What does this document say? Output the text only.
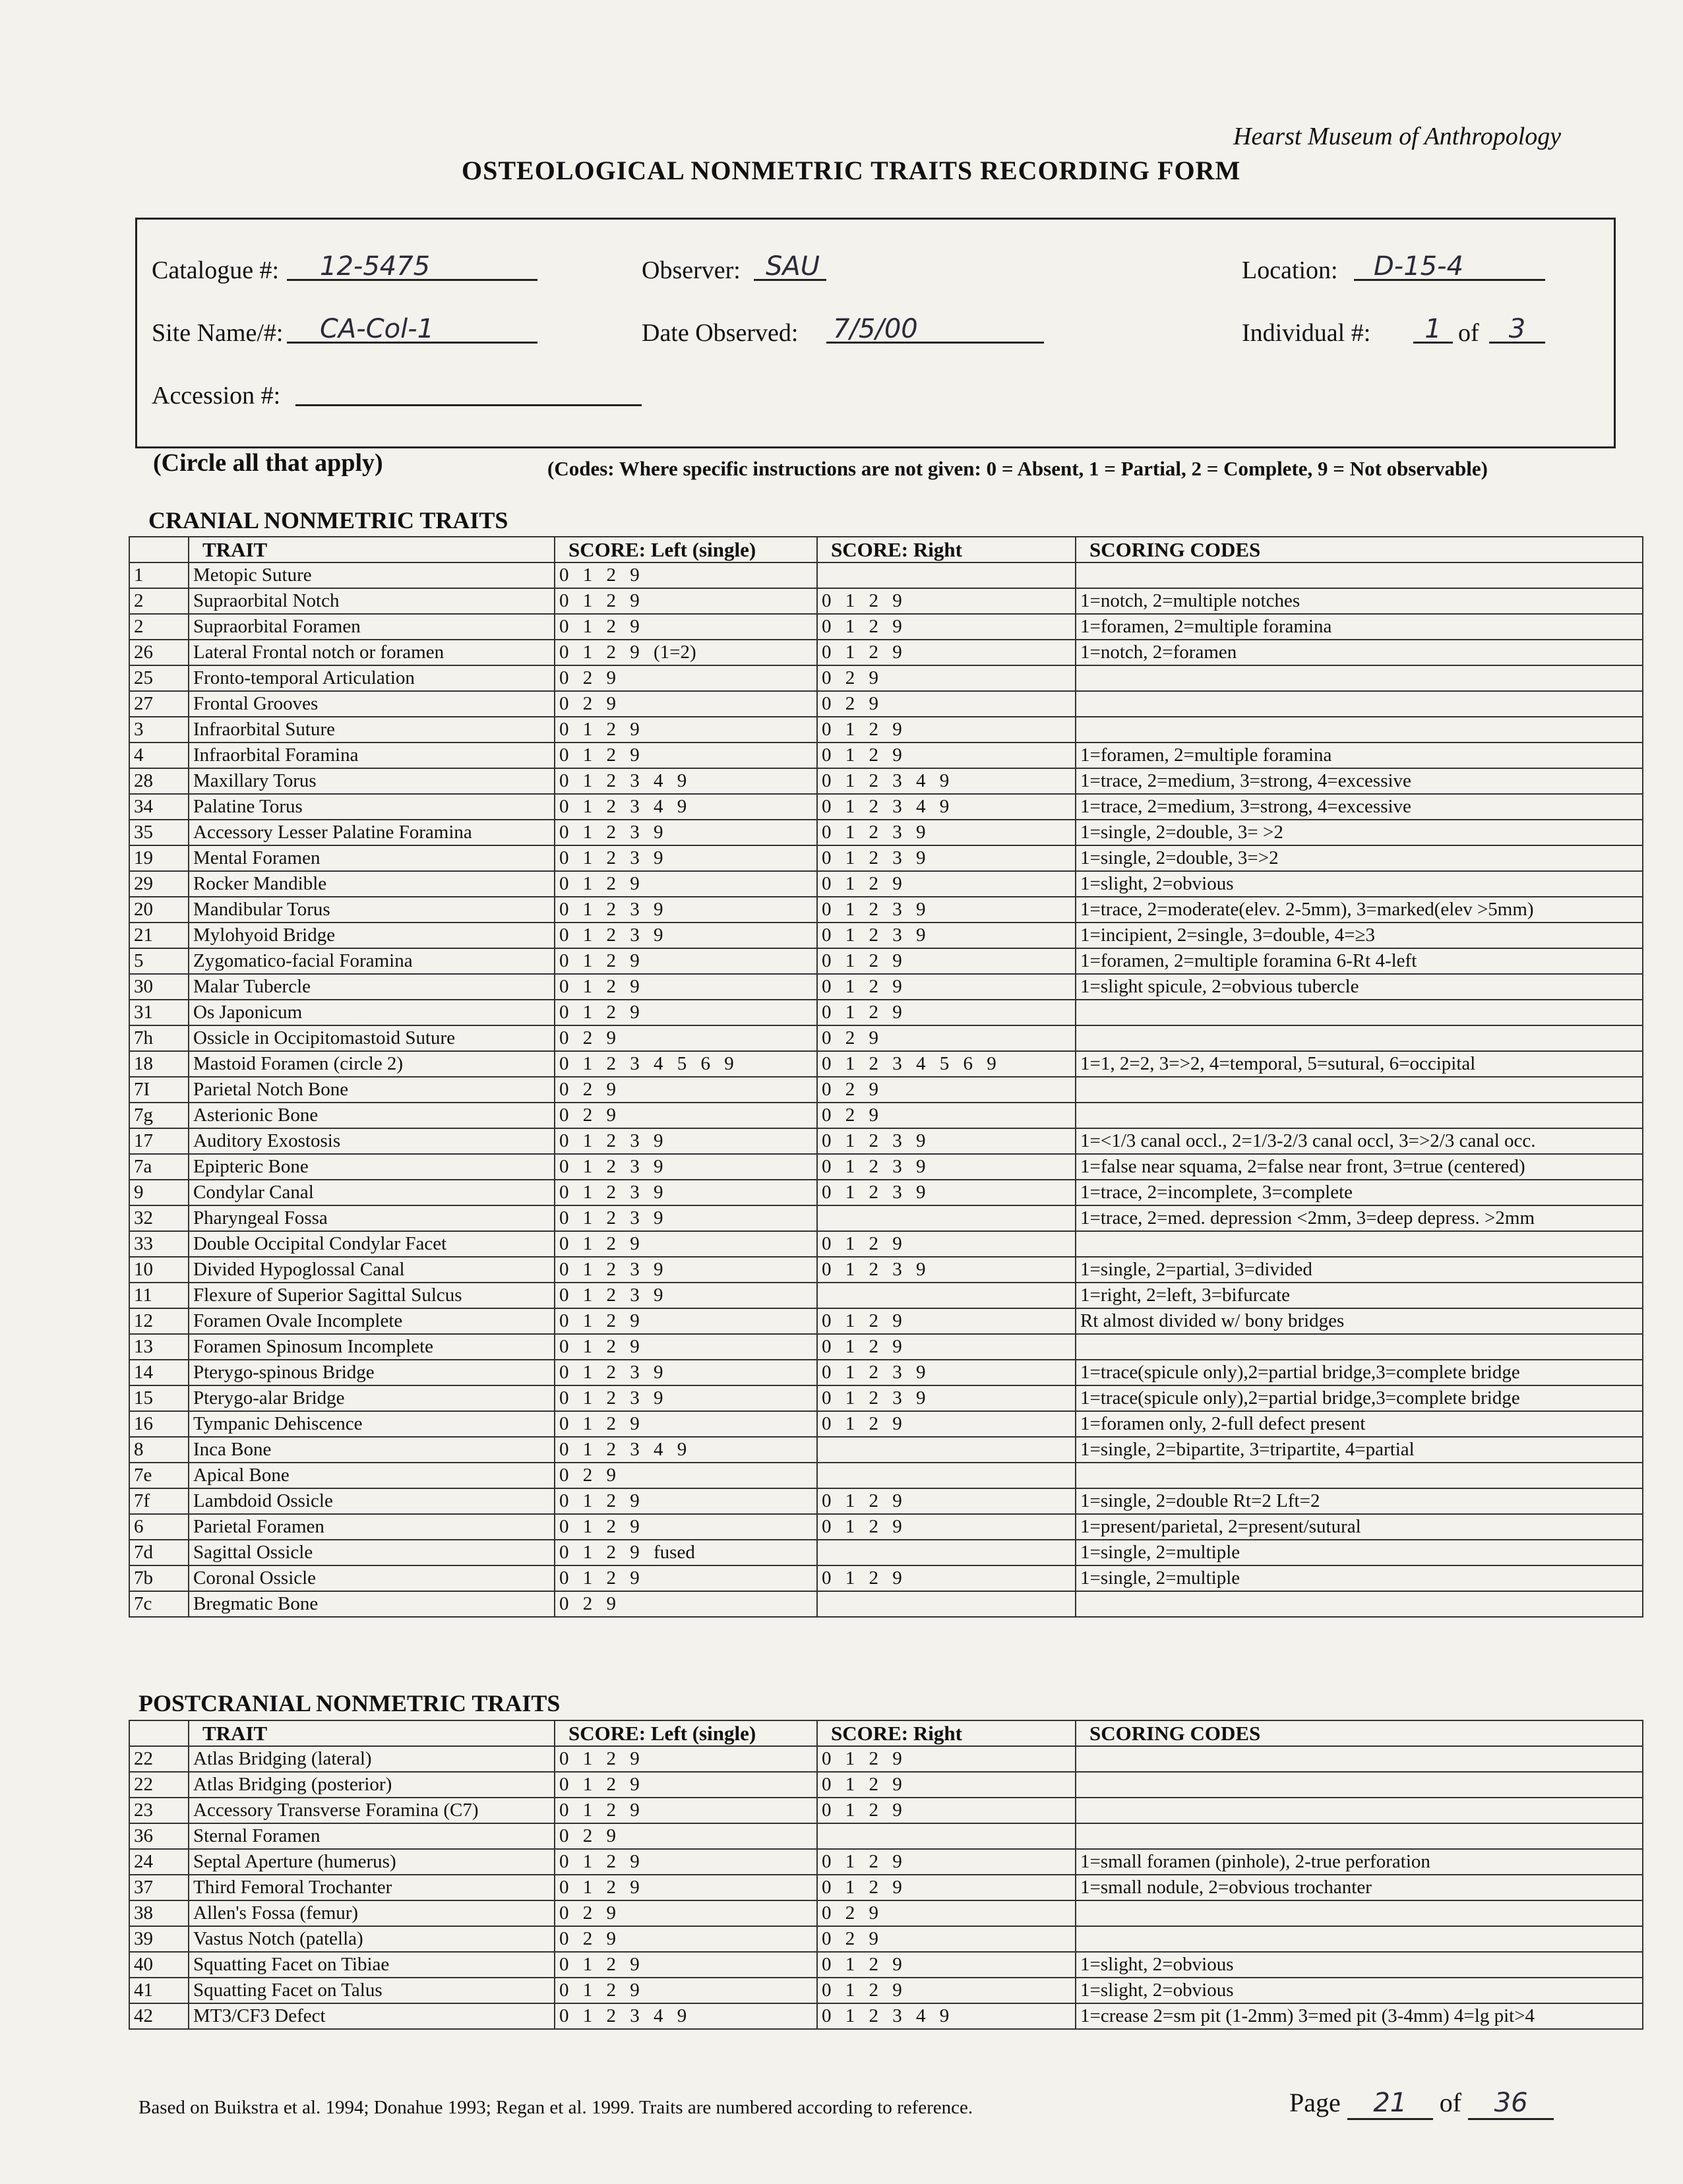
Hearst Museum of Anthropology
OSTEOLOGICAL NONMETRIC TRAITS RECORDING FORM
Catalogue #:	12-5475	Observer: SAU	Location:	D-15-4
Site Name/#:	CA-Col-1	Date Observed: 7/5/00	Individual #:	1 of	3
Accession #:
(Circle all that apply)	(Codes: Where specific instructions are not given: 0 = Absent, 1 = Partial, 2 = Complete, 9 = Not observable)
CRANIAL NONMETRIC TRAITS
	TRAIT	SCORE: Left (single)	SCORE: Right	SCORING CODES
1	Metopic Suture	0 1 2 9		
2	Supraorbital Notch	0 1 2 9	0 1 2 9	1=notch, 2=multiple notches
2	Supraorbital Foramen	0 1 2 9	0 1 2 9	1=foramen, 2=multiple foramina
26	Lateral Frontal notch or foramen	0 1 2 9 (1=2)	0 1 2 9	1=notch, 2=foramen
25	Fronto-temporal Articulation	0 2 9	0 2 9	
27	Frontal Grooves	0 2 9	0 2 9	
3	Infraorbital Suture	0 1 2 9	0 1 2 9	
4	Infraorbital Foramina	0 1 2 9	0 1 2 9	1=foramen, 2=multiple foramina
28	Maxillary Torus	0 1 2 3 4 9	0 1 2 3 4 9	1=trace, 2=medium, 3=strong, 4=excessive
34	Palatine Torus	0 1 2 3 4 9	0 1 2 3 4 9	1=trace, 2=medium, 3=strong, 4=excessive
35	Accessory Lesser Palatine Foramina	0 1 2 3 9	0 1 2 3 9	1=single, 2=double, 3= >2
19	Mental Foramen	0 1 2 3 9	0 1 2 3 9	1=single, 2=double, 3=>2
29	Rocker Mandible	0 1 2 9	0 1 2 9	1=slight, 2=obvious
20	Mandibular Torus	0 1 2 3 9	0 1 2 3 9	1=trace, 2=moderate(elev. 2-5mm), 3=marked(elev >5mm)
21	Mylohyoid Bridge	0 1 2 3 9	0 1 2 3 9	1=incipient, 2=single, 3=double, 4=≥3
5	Zygomatico-facial Foramina	0 1 2 9	0 1 2 9	1=foramen, 2=multiple foramina 6-Rt 4-left
30	Malar Tubercle	0 1 2 9	0 1 2 9	1=slight spicule, 2=obvious tubercle
31	Os Japonicum	0 1 2 9	0 1 2 9	
7h	Ossicle in Occipitomastoid Suture	0 2 9	0 2 9	
18	Mastoid Foramen (circle 2)	0 1 2 3 4 5 6 9	0 1 2 3 4 5 6 9	1=1, 2=2, 3=>2, 4=temporal, 5=sutural, 6=occipital
7I	Parietal Notch Bone	0 2 9	0 2 9	
7g	Asterionic Bone	0 2 9	0 2 9	
17	Auditory Exostosis	0 1 2 3 9	0 1 2 3 9	1=<1/3 canal occl., 2=1/3-2/3 canal occl, 3=>2/3 canal occ.
7a	Epipteric Bone	0 1 2 3 9	0 1 2 3 9	1=false near squama, 2=false near front, 3=true (centered)
9	Condylar Canal	0 1 2 3 9	0 1 2 3 9	1=trace, 2=incomplete, 3=complete
32	Pharyngeal Fossa	0 1 2 3 9		1=trace, 2=med. depression <2mm, 3=deep depress. >2mm
33	Double Occipital Condylar Facet	0 1 2 9	0 1 2 9	
10	Divided Hypoglossal Canal	0 1 2 3 9	0 1 2 3 9	1=single, 2=partial, 3=divided
11	Flexure of Superior Sagittal Sulcus	0 1 2 3 9		1=right, 2=left, 3=bifurcate
12	Foramen Ovale Incomplete	0 1 2 9	0 1 2 9	Rt almost divided w/ bony bridges
13	Foramen Spinosum Incomplete	0 1 2 9	0 1 2 9	
14	Pterygo-spinous Bridge	0 1 2 3 9	0 1 2 3 9	1=trace(spicule only),2=partial bridge,3=complete bridge
15	Pterygo-alar Bridge	0 1 2 3 9	0 1 2 3 9	1=trace(spicule only),2=partial bridge,3=complete bridge
16	Tympanic Dehiscence	0 1 2 9	0 1 2 9	1=foramen only, 2-full defect present
8	Inca Bone	0 1 2 3 4 9		1=single, 2=bipartite, 3=tripartite, 4=partial
7e	Apical Bone	0 2 9		
7f	Lambdoid Ossicle	0 1 2 9	0 1 2 9	1=single, 2=double Rt=2 Lft=2
6	Parietal Foramen	0 1 2 9	0 1 2 9	1=present/parietal, 2=present/sutural
7d	Sagittal Ossicle	0 1 2 9 fused		1=single, 2=multiple
7b	Coronal Ossicle	0 1 2 9	0 1 2 9	1=single, 2=multiple
7c	Bregmatic Bone	0 2 9		
POSTCRANIAL NONMETRIC TRAITS
	TRAIT	SCORE: Left (single)	SCORE: Right	SCORING CODES
22	Atlas Bridging (lateral)	0 1 2 9	0 1 2 9	
22	Atlas Bridging (posterior)	0 1 2 9	0 1 2 9	
23	Accessory Transverse Foramina (C7)	0 1 2 9	0 1 2 9	
36	Sternal Foramen	0 2 9		
24	Septal Aperture (humerus)	0 1 2 9	0 1 2 9	1=small foramen (pinhole), 2-true perforation
37	Third Femoral Trochanter	0 1 2 9	0 1 2 9	1=small nodule, 2=obvious trochanter
38	Allen's Fossa (femur)	0 2 9	0 2 9	
39	Vastus Notch (patella)	0 2 9	0 2 9	
40	Squatting Facet on Tibiae	0 1 2 9	0 1 2 9	1=slight, 2=obvious
41	Squatting Facet on Talus	0 1 2 9	0 1 2 9	1=slight, 2=obvious
42	MT3/CF3 Defect	0 1 2 3 4 9	0 1 2 3 4 9	1=crease 2=sm pit (1-2mm) 3=med pit (3-4mm) 4=lg pit>4
Based on Buikstra et al. 1994; Donahue 1993; Regan et al. 1999. Traits are numbered according to reference.	Page 21 of 36
